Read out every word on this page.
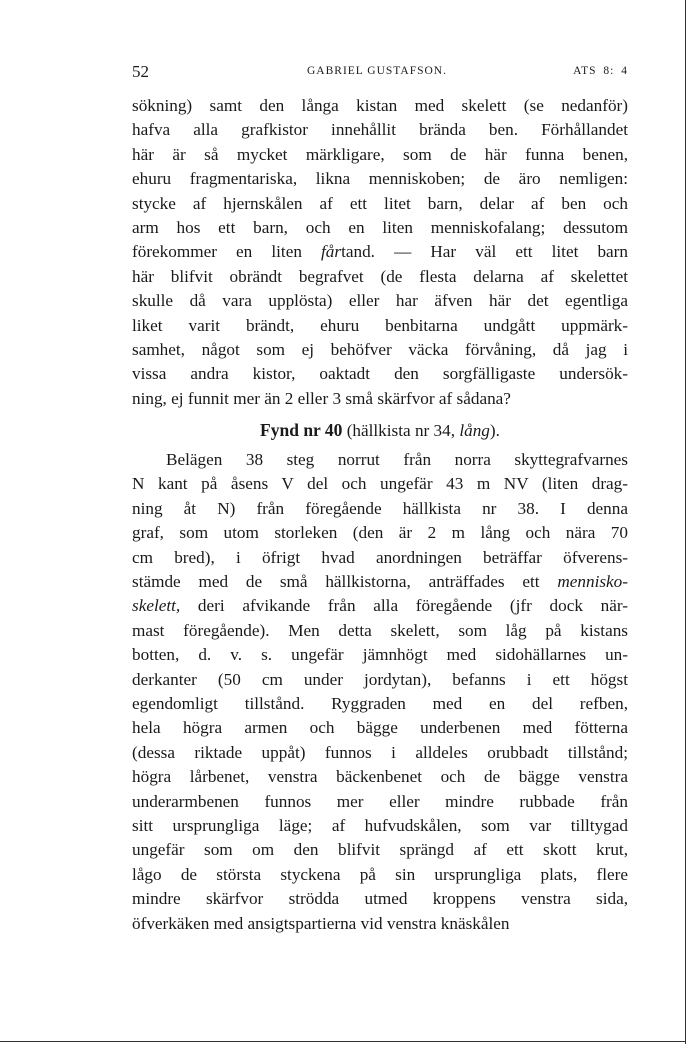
52	GABRIEL GUSTAFSON.	ATS 8: 4
sökning) samt den långa kistan med skelett (se nedanför)
hafva alla grafkistor innehållit brända ben. Förhållandet
här är så mycket märkligare, som de här funna benen,
ehuru fragmentariska, likna menniskoben; de äro nemligen:
stycke af hjernskålen af ett litet barn, delar af ben och
arm hos ett barn, och en liten menniskofalang; dessutom
förekommer en liten fårtand. — Har väl ett litet barn
här blifvit obrändt begrafvet (de flesta delarna af skelettet
skulle då vara upplösta) eller har äfven här det egentliga
liket varit brändt, ehuru benbitarna undgått uppmärk-
samhet, något som ej behöfver väcka förvåning, då jag i
vissa andra kistor, oaktadt den sorgfälligaste undersök-
ning, ej funnit mer än 2 eller 3 små skärfvor af sådana?
Fynd nr 40 (hällkista nr 34, lång).
Belägen 38 steg norrut från norra skyttegrafvarnes
N kant på åsens V del och ungefär 43 m NV (liten drag-
ning åt N) från föregående hällkista nr 38. I denna
graf, som utom storleken (den är 2 m lång och nära 70
cm bred), i öfrigt hvad anordningen beträffar öfverens-
stämde med de små hällkistorna, anträffades ett mennisko-
skelett, deri afvikande från alla föregående (jfr dock när-
mast föregående). Men detta skelett, som låg på kistans
botten, d. v. s. ungefär jämnhögt med sidohällarnes un-
derkanter (50 cm under jordytan), befanns i ett högst
egendomligt tillstånd. Ryggraden med en del refben,
hela högra armen och bägge underbenen med fötterna
(dessa riktade uppåt) funnos i alldeles orubbadt tillstånd;
högra lårbenet, venstra bäckenbenet och de bägge venstra
underarmbenen funnos mer eller mindre rubbade från
sitt ursprungliga läge; af hufvudskålen, som var tilltygad
ungefär som om den blifvit sprängd af ett skott krut,
lågo de största styckena på sin ursprungliga plats, flere
mindre skärfvor strödda utmed kroppens venstra sida,
öfverkäken med ansigtspartierna vid venstra knäskålen
